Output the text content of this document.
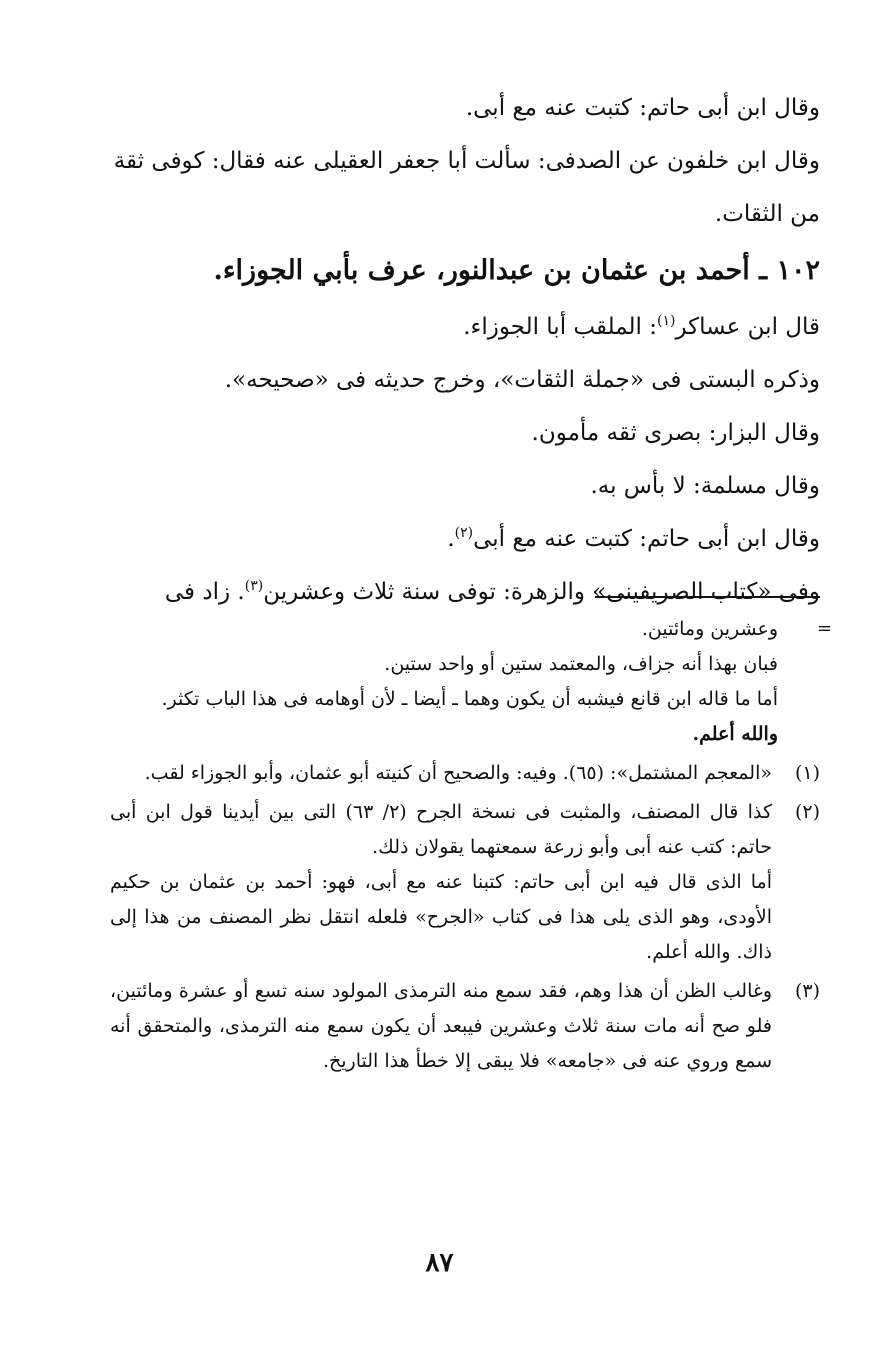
وقال ابن أبى حاتم: كتبت عنه مع أبى.
وقال ابن خلفون عن الصدفى: سألت أبا جعفر العقيلى عنه فقال: كوفى ثقة
من الثقات.
١٠٢ ـ أحمد بن عثمان بن عبدالنور، عرف بأبي الجوزاء.
قال ابن عساكر$^{(١)}$: الملقب أبا الجوزاء.
وذكره البستى فى «جملة الثقات»، وخرج حديثه فى «صحيحه».
وقال البزار: بصرى ثقه مأمون.
وقال مسلمة: لا بأس به.
وقال ابن أبى حاتم: كتبت عنه مع أبى$^{(٢)}$.
وفى «كتاب الصريفينى» والزهرة: توفى سنة ثلاث وعشرين$^{(٣)}$. زاد فى
=
وعشرين ومائتين.
فبان بهذا أنه جزاف، والمعتمد ستين أو واحد ستين.
أما ما قاله ابن قانع فيشبه أن يكون وهما ـ أيضا ـ لأن أوهامه فى هذا الباب تكثر.
والله أعلم.
(١)
«المعجم المشتمل»: (٦٥). وفيه: والصحيح أن كنيته أبو عثمان، وأبو الجوزاء لقب.
(٢)
كذا قال المصنف، والمثبت فى نسخة الجرح (٢/ ٦٣) التى بين أيدينا قول ابن أبى حاتم: كتب عنه أبى وأبو زرعة سمعتهما يقولان ذلك.
أما الذى قال فيه ابن أبى حاتم: كتبنا عنه مع أبى، فهو: أحمد بن عثمان بن حكيم الأودى، وهو الذى يلى هذا فى كتاب «الجرح» فلعله انتقل نظر المصنف من هذا إلى ذاك. والله أعلم.
(٣)
وغالب الظن أن هذا وهم، فقد سمع منه الترمذى المولود سنه تسع أو عشرة ومائتين، فلو صح أنه مات سنة ثلاث وعشرين فيبعد أن يكون سمع منه الترمذى، والمتحقق أنه سمع وروي عنه فى «جامعه» فلا يبقى إلا خطأ هذا التاريخ.
٨٧
